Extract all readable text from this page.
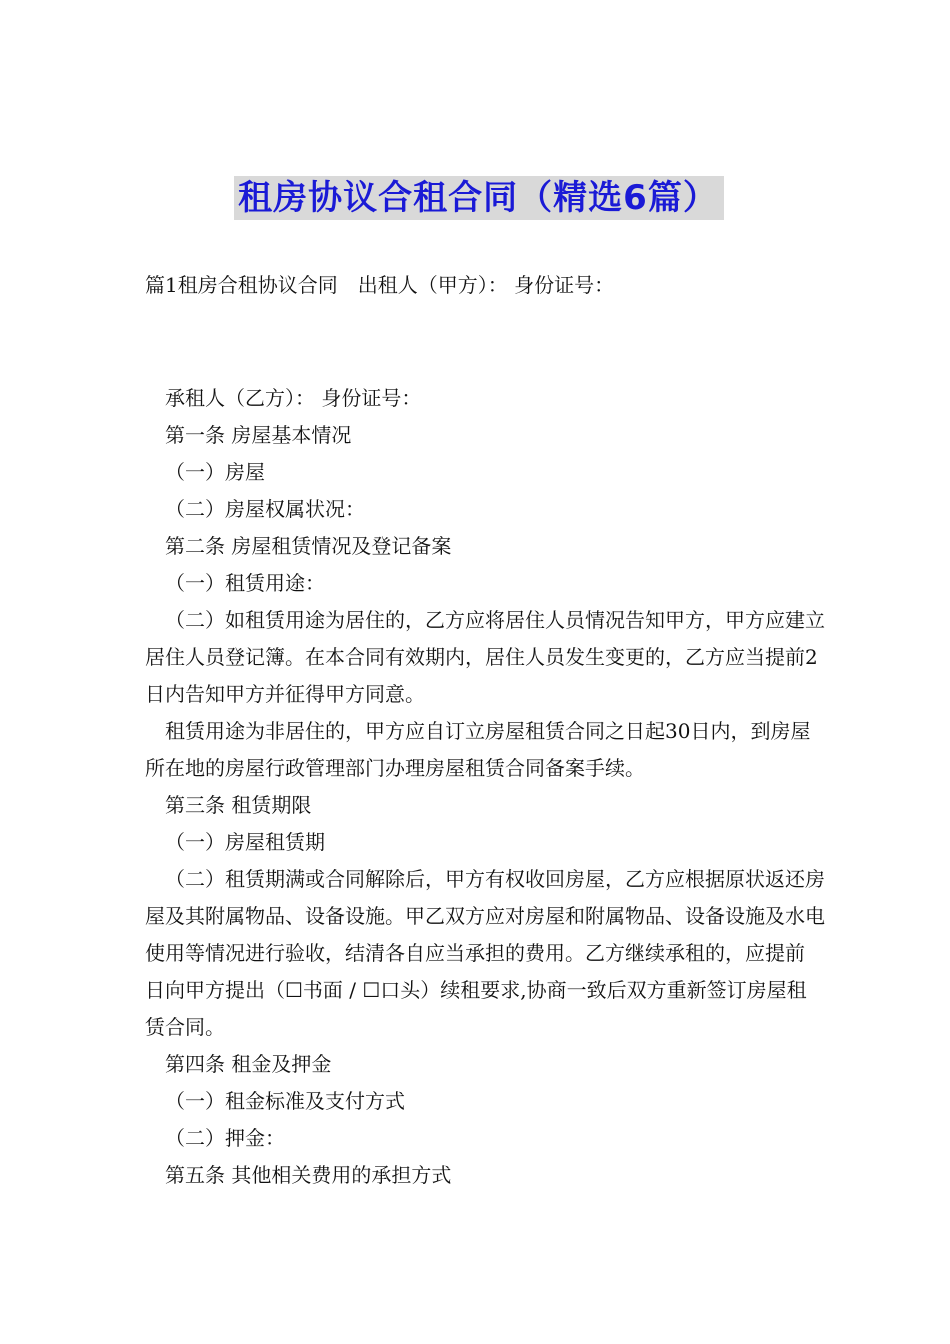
租房协议合租合同（精选6篇）
篇1租房合租协议合同　出租人（甲方）： 身份证号：

承租人（乙方）： 身份证号：

第一条 房屋基本情况

（一）房屋

（二）房屋权属状况：

第二条 房屋租赁情况及登记备案

（一）租赁用途：

（二）如租赁用途为居住的，乙方应将居住人员情况告知甲方，甲方应建立居住人员登记簿。在本合同有效期内，居住人员发生变更的，乙方应当提前2日内告知甲方并征得甲方同意。

租赁用途为非居住的，甲方应自订立房屋租赁合同之日起30日内，到房屋所在地的房屋行政管理部门办理房屋租赁合同备案手续。

第三条 租赁期限

（一）房屋租赁期

（二）租赁期满或合同解除后，甲方有权收回房屋，乙方应根据原状返还房屋及其附属物品、设备设施。甲乙双方应对房屋和附属物品、设备设施及水电使用等情况进行验收，结清各自应当承担的费用。乙方继续承租的，应提前 日向甲方提出（☐书面 / ☐口头）续租要求,协商一致后双方重新签订房屋租赁合同。

第四条 租金及押金

（一）租金标准及支付方式

（二）押金：

第五条 其他相关费用的承担方式
